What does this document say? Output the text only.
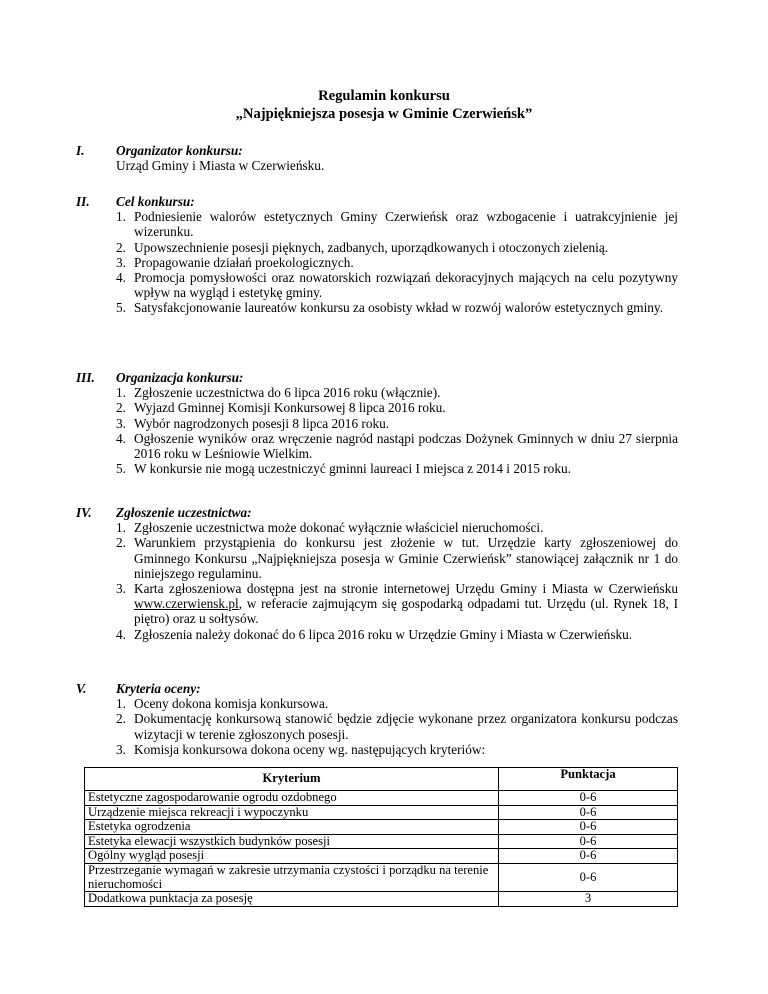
Regulamin konkursu
„Najpiękniejsza posesja w Gminie Czerwieńsk”
I. Organizator konkursu:
Urząd Gminy i Miasta w Czerwieńsku.
II. Cel konkursu:
1. Podniesienie walorów estetycznych Gminy Czerwieńsk oraz wzbogacenie i uatrakcyjnienie jej wizerunku.
2. Upowszechnienie posesji pięknych, zadbanych, uporządkowanych i otoczonych zielenią.
3. Propagowanie działań proekologicznych.
4. Promocja pomysłowości oraz nowatorskich rozwiązań dekoracyjnych mających na celu pozytywny wpływ na wygląd i estetykę gminy.
5. Satysfakcjonowanie laureatów konkursu za osobisty wkład w rozwój walorów estetycznych gminy.
III. Organizacja konkursu:
1. Zgłoszenie uczestnictwa do 6 lipca 2016 roku (włącznie).
2. Wyjazd Gminnej Komisji Konkursowej 8 lipca 2016 roku.
3. Wybór nagrodzonych posesji 8 lipca 2016 roku.
4. Ogłoszenie wyników oraz wręczenie nagród nastąpi podczas Dożynek Gminnych w dniu 27 sierpnia 2016 roku w Leśniowie Wielkim.
5. W konkursie nie mogą uczestniczyć gminni laureaci I miejsca z 2014 i 2015 roku.
IV. Zgłoszenie uczestnictwa:
1. Zgłoszenie uczestnictwa może dokonać wyłącznie właściciel nieruchomości.
2. Warunkiem przystąpienia do konkursu jest złożenie w tut. Urzędzie karty zgłoszeniowej do Gminnego Konkursu „Najpiękniejsza posesja w Gminie Czerwieńsk” stanowiącej załącznik nr 1 do niniejszego regulaminu.
3. Karta zgłoszeniowa dostępna jest na stronie internetowej Urzędu Gminy i Miasta w Czerwieńsku www.czerwiensk.pl, w referacie zajmującym się gospodarką odpadami tut. Urzędu (ul. Rynek 18, I piętro) oraz u sołtysów.
4. Zgłoszenia należy dokonać do 6 lipca 2016 roku w Urzędzie Gminy i Miasta w Czerwieńsku.
V. Kryteria oceny:
1. Oceny dokona komisja konkursowa.
2. Dokumentację konkursową stanowić będzie zdjęcie wykonane przez organizatora konkursu podczas wizytacji w terenie zgłoszonych posesji.
3. Komisja konkursowa dokona oceny wg. następujących kryteriów:
Kryterium	Punktacja
Estetyczne zagospodarowanie ogrodu ozdobnego	0-6
Urządzenie miejsca rekreacji i wypoczynku	0-6
Estetyka ogrodzenia	0-6
Estetyka elewacji wszystkich budynków posesji	0-6
Ogólny wygląd posesji	0-6
Przestrzeganie wymagań w zakresie utrzymania czystości i porządku na terenie nieruchomości	0-6
Dodatkowa punktacja za posesję	3
